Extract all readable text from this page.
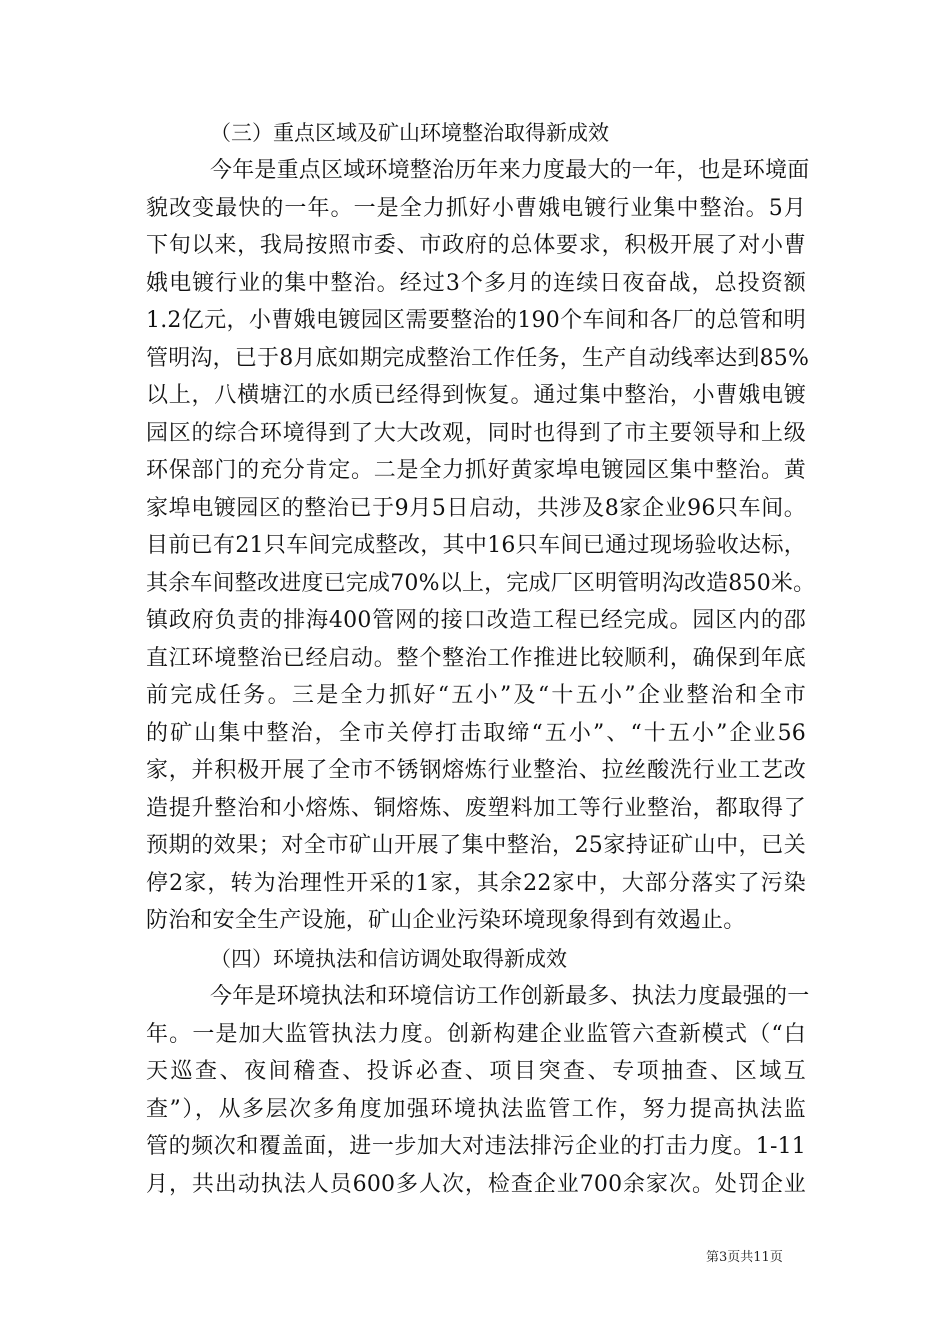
（三）重点区域及矿山环境整治取得新成效
今年是重点区域环境整治历年来力度最大的一年，也是环境面
貌改变最快的一年。一是全力抓好小曹娥电镀行业集中整治。5月
下旬以来，我局按照市委、市政府的总体要求，积极开展了对小曹
娥电镀行业的集中整治。经过3个多月的连续日夜奋战，总投资额
1.2亿元，小曹娥电镀园区需要整治的190个车间和各厂的总管和明
管明沟，已于8月底如期完成整治工作任务，生产自动线率达到85%
以上，八横塘江的水质已经得到恢复。通过集中整治，小曹娥电镀
园区的综合环境得到了大大改观，同时也得到了市主要领导和上级
环保部门的充分肯定。二是全力抓好黄家埠电镀园区集中整治。黄
家埠电镀园区的整治已于9月5日启动，共涉及8家企业96只车间。
目前已有21只车间完成整改，其中16只车间已通过现场验收达标，
其余车间整改进度已完成70%以上，完成厂区明管明沟改造850米。
镇政府负责的排海400管网的接口改造工程已经完成。园区内的邵
直江环境整治已经启动。整个整治工作推进比较顺利，确保到年底
前完成任务。三是全力抓好“五小”及“十五小”企业整治和全市
的矿山集中整治，全市关停打击取缔“五小”、“十五小”企业56
家，并积极开展了全市不锈钢熔炼行业整治、拉丝酸洗行业工艺改
造提升整治和小熔炼、铜熔炼、废塑料加工等行业整治，都取得了
预期的效果；对全市矿山开展了集中整治，25家持证矿山中，已关
停2家，转为治理性开采的1家，其余22家中，大部分落实了污染
防治和安全生产设施，矿山企业污染环境现象得到有效遏止。
（四）环境执法和信访调处取得新成效
今年是环境执法和环境信访工作创新最多、执法力度最强的一
年。一是加大监管执法力度。创新构建企业监管六查新模式（“白
天巡查、夜间稽查、投诉必查、项目突查、专项抽查、区域互
查”），从多层次多角度加强环境执法监管工作，努力提高执法监
管的频次和覆盖面，进一步加大对违法排污企业的打击力度。1-11
月，共出动执法人员600多人次，检查企业700余家次。处罚企业
第3页共11页
